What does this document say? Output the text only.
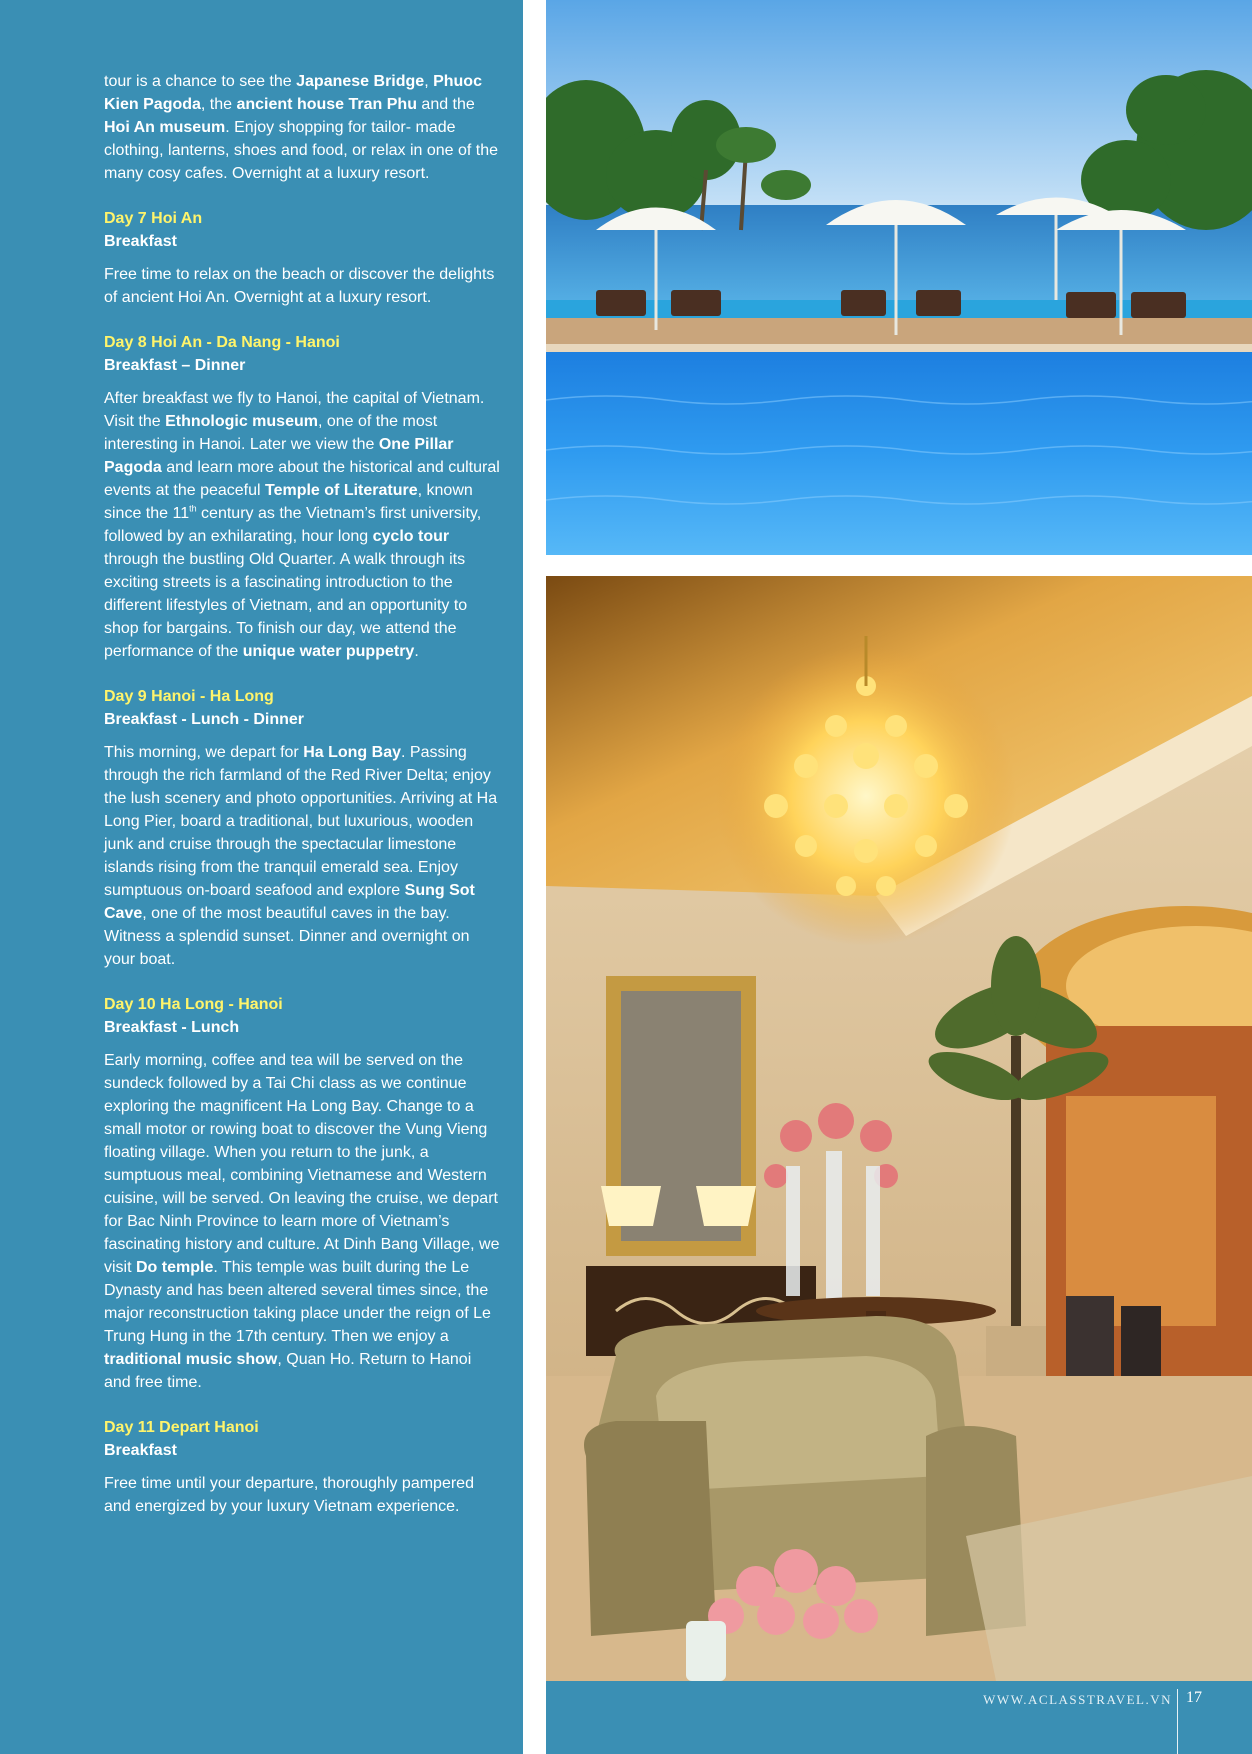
tour is a chance to see the Japanese Bridge, Phuoc Kien Pagoda, the ancient house Tran Phu and the Hoi An museum. Enjoy shopping for tailor- made clothing, lanterns, shoes and food, or relax in one of the many cosy cafes. Overnight at a luxury resort.

Day 7 Hoi An
Breakfast

Free time to relax on the beach or discover the delights of ancient Hoi An. Overnight at a luxury resort.

Day 8 Hoi An - Da Nang - Hanoi
Breakfast – Dinner

After breakfast we fly to Hanoi, the capital of Vietnam. Visit the Ethnologic museum, one of the most interesting in Hanoi. Later we view the One Pillar Pagoda and learn more about the historical and cultural events at the peaceful Temple of Literature, known since the 11th century as the Vietnam’s first university, followed by an exhilarating, hour long cyclo tour through the bustling Old Quarter. A walk through its exciting streets is a fascinating introduction to the different lifestyles of Vietnam, and an opportunity to shop for bargains. To finish our day, we attend the performance of the unique water puppetry.

Day 9 Hanoi - Ha Long
Breakfast - Lunch - Dinner

This morning, we depart for Ha Long Bay. Passing through the rich farmland of the Red River Delta; enjoy the lush scenery and photo opportunities. Arriving at Ha Long Pier, board a traditional, but luxurious, wooden junk and cruise through the spectacular limestone islands rising from the tranquil emerald sea. Enjoy sumptuous on-board seafood and explore Sung Sot Cave, one of the most beautiful caves in the bay. Witness a splendid sunset. Dinner and overnight on your boat.

Day 10 Ha Long - Hanoi
Breakfast - Lunch

Early morning, coffee and tea will be served on the sundeck followed by a Tai Chi class as we continue exploring the magnificent Ha Long Bay. Change to a small motor or rowing boat to discover the Vung Vieng floating village. When you return to the junk, a sumptuous meal, combining Vietnamese and Western cuisine, will be served. On leaving the cruise, we depart for Bac Ninh Province to learn more of Vietnam’s fascinating history and culture. At Dinh Bang Village, we visit Do temple. This temple was built during the Le Dynasty and has been altered several times since, the major reconstruction taking place under the reign of Le Trung Hung in the 17th century. Then we enjoy a traditional music show, Quan Ho. Return to Hanoi and free time.

Day 11 Depart Hanoi
Breakfast

Free time until your departure, thoroughly pampered and energized by your luxury Vietnam experience.

WWW.ACLASSTRAVEL.VN 17
